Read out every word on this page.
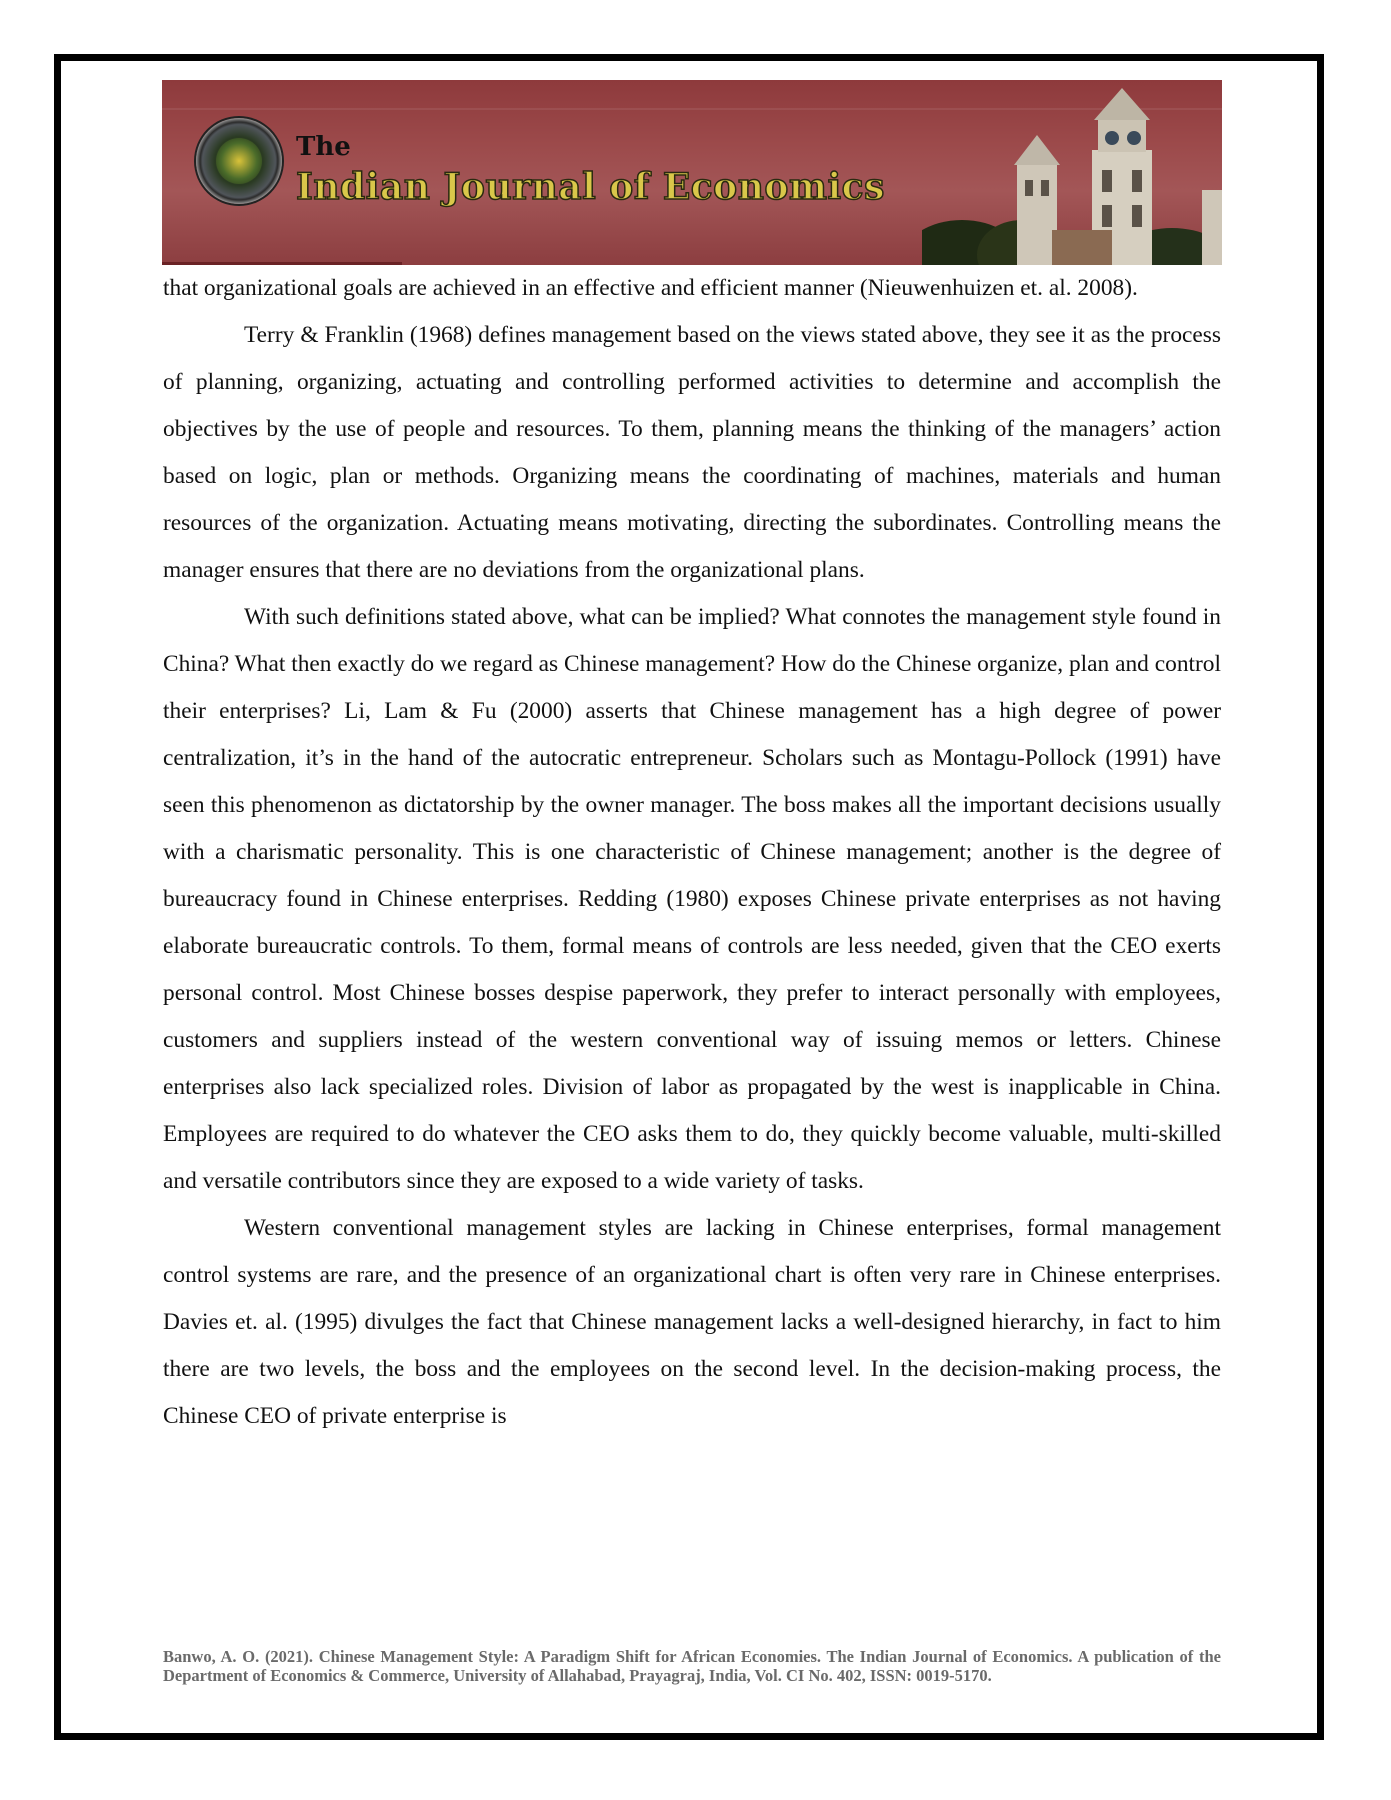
The
Indian Journal of Economics

that organizational goals are achieved in an effective and efficient manner (Nieuwenhuizen et. al. 2008).

Terry & Franklin (1968) defines management based on the views stated above, they see it as the process of planning, organizing, actuating and controlling performed activities to determine and accomplish the objectives by the use of people and resources. To them, planning means the thinking of the managers’ action based on logic, plan or methods. Organizing means the coordinating of machines, materials and human resources of the organization. Actuating means motivating, directing the subordinates. Controlling means the manager ensures that there are no deviations from the organizational plans.

With such definitions stated above, what can be implied? What connotes the management style found in China? What then exactly do we regard as Chinese management? How do the Chinese organize, plan and control their enterprises? Li, Lam & Fu (2000) asserts that Chinese management has a high degree of power centralization, it’s in the hand of the autocratic entrepreneur. Scholars such as Montagu-Pollock (1991) have seen this phenomenon as dictatorship by the owner manager. The boss makes all the important decisions usually with a charismatic personality. This is one characteristic of Chinese management; another is the degree of bureaucracy found in Chinese enterprises. Redding (1980) exposes Chinese private enterprises as not having elaborate bureaucratic controls. To them, formal means of controls are less needed, given that the CEO exerts personal control. Most Chinese bosses despise paperwork, they prefer to interact personally with employees, customers and suppliers instead of the western conventional way of issuing memos or letters. Chinese enterprises also lack specialized roles. Division of labor as propagated by the west is inapplicable in China. Employees are required to do whatever the CEO asks them to do, they quickly become valuable, multi-skilled and versatile contributors since they are exposed to a wide variety of tasks.

Western conventional management styles are lacking in Chinese enterprises, formal management control systems are rare, and the presence of an organizational chart is often very rare in Chinese enterprises. Davies et. al. (1995) divulges the fact that Chinese management lacks a well-designed hierarchy, in fact to him there are two levels, the boss and the employees on the second level. In the decision-making process, the Chinese CEO of private enterprise is

Banwo, A. O. (2021). Chinese Management Style: A Paradigm Shift for African Economies. The Indian Journal of Economics. A publication of the Department of Economics & Commerce, University of Allahabad, Prayagraj, India, Vol. CI No. 402, ISSN: 0019-5170.
